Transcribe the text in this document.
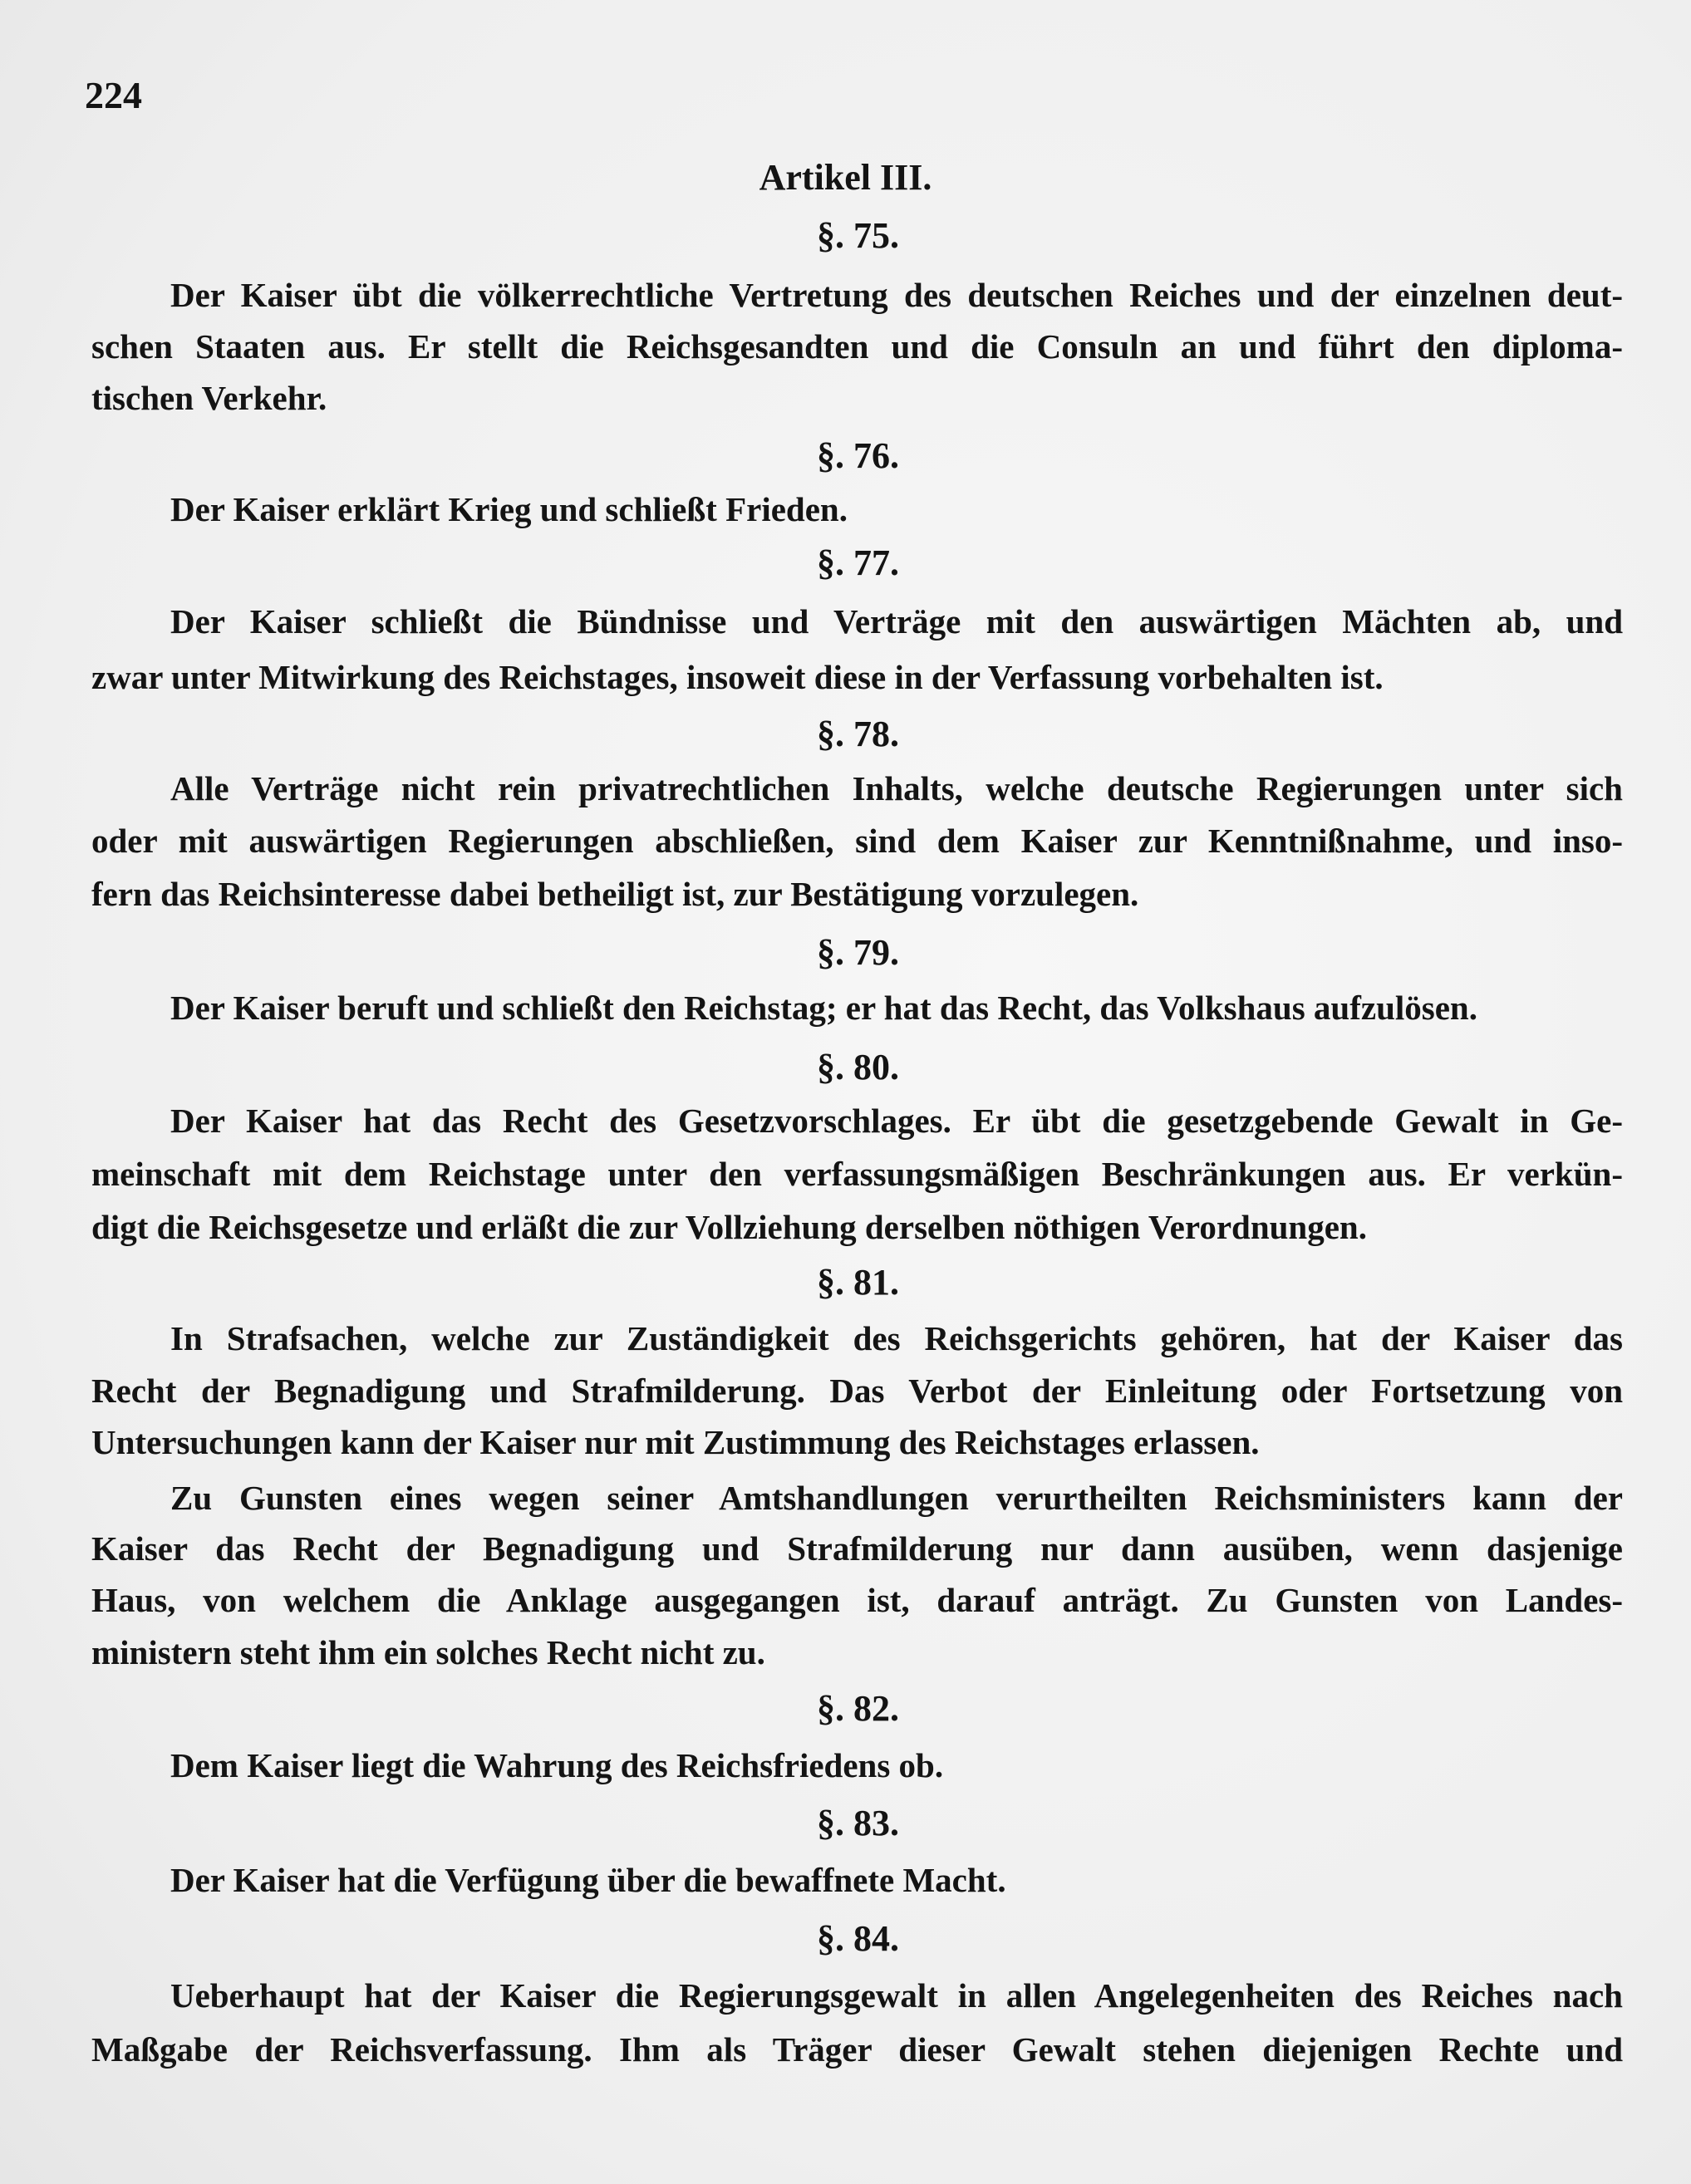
224
Artikel III.
§. 75.
Der Kaiser übt die völkerrechtliche Vertretung des deutschen Reiches und der einzelnen deut-
schen Staaten aus. Er stellt die Reichsgesandten und die Consuln an und führt den diploma-
tischen Verkehr.
§. 76.
Der Kaiser erklärt Krieg und schließt Frieden.
§. 77.
Der Kaiser schließt die Bündnisse und Verträge mit den auswärtigen Mächten ab, und
zwar unter Mitwirkung des Reichstages, insoweit diese in der Verfassung vorbehalten ist.
§. 78.
Alle Verträge nicht rein privatrechtlichen Inhalts, welche deutsche Regierungen unter sich
oder mit auswärtigen Regierungen abschließen, sind dem Kaiser zur Kenntnißnahme, und inso-
fern das Reichsinteresse dabei betheiligt ist, zur Bestätigung vorzulegen.
§. 79.
Der Kaiser beruft und schließt den Reichstag; er hat das Recht, das Volkshaus aufzulösen.
§. 80.
Der Kaiser hat das Recht des Gesetzvorschlages. Er übt die gesetzgebende Gewalt in Ge-
meinschaft mit dem Reichstage unter den verfassungsmäßigen Beschränkungen aus. Er verkün-
digt die Reichsgesetze und erläßt die zur Vollziehung derselben nöthigen Verordnungen.
§. 81.
In Strafsachen, welche zur Zuständigkeit des Reichsgerichts gehören, hat der Kaiser das
Recht der Begnadigung und Strafmilderung. Das Verbot der Einleitung oder Fortsetzung von
Untersuchungen kann der Kaiser nur mit Zustimmung des Reichstages erlassen.
Zu Gunsten eines wegen seiner Amtshandlungen verurtheilten Reichsministers kann der
Kaiser das Recht der Begnadigung und Strafmilderung nur dann ausüben, wenn dasjenige
Haus, von welchem die Anklage ausgegangen ist, darauf anträgt. Zu Gunsten von Landes-
ministern steht ihm ein solches Recht nicht zu.
§. 82.
Dem Kaiser liegt die Wahrung des Reichsfriedens ob.
§. 83.
Der Kaiser hat die Verfügung über die bewaffnete Macht.
§. 84.
Ueberhaupt hat der Kaiser die Regierungsgewalt in allen Angelegenheiten des Reiches nach
Maßgabe der Reichsverfassung. Ihm als Träger dieser Gewalt stehen diejenigen Rechte und
